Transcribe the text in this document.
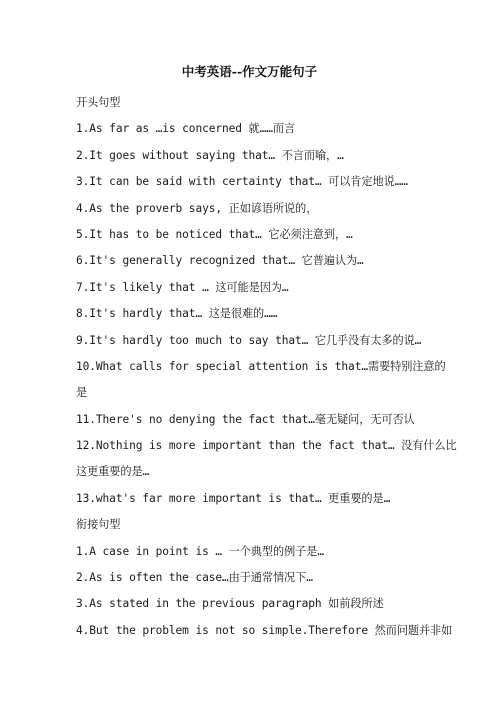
中考英语--作文万能句子
开头句型
1.As far as …is concerned 就……而言
2.It goes without saying that… 不言而喻，…
3.It can be said with certainty that… 可以肯定地说……
4.As the proverb says, 正如谚语所说的，
5.It has to be noticed that… 它必须注意到，…
6.It's generally recognized that… 它普遍认为…
7.It's likely that … 这可能是因为…
8.It's hardly that… 这是很难的……
9.It's hardly too much to say that… 它几乎没有太多的说…
10.What calls for special attention is that…需要特别注意的
是
11.There's no denying the fact that…毫无疑问，无可否认
12.Nothing is more important than the fact that… 没有什么比
这更重要的是…
13.what's far more important is that… 更重要的是…
衔接句型
1.A case in point is … 一个典型的例子是…
2.As is often the case…由于通常情况下…
3.As stated in the previous paragraph 如前段所述
4.But the problem is not so simple.Therefore 然而问题并非如
